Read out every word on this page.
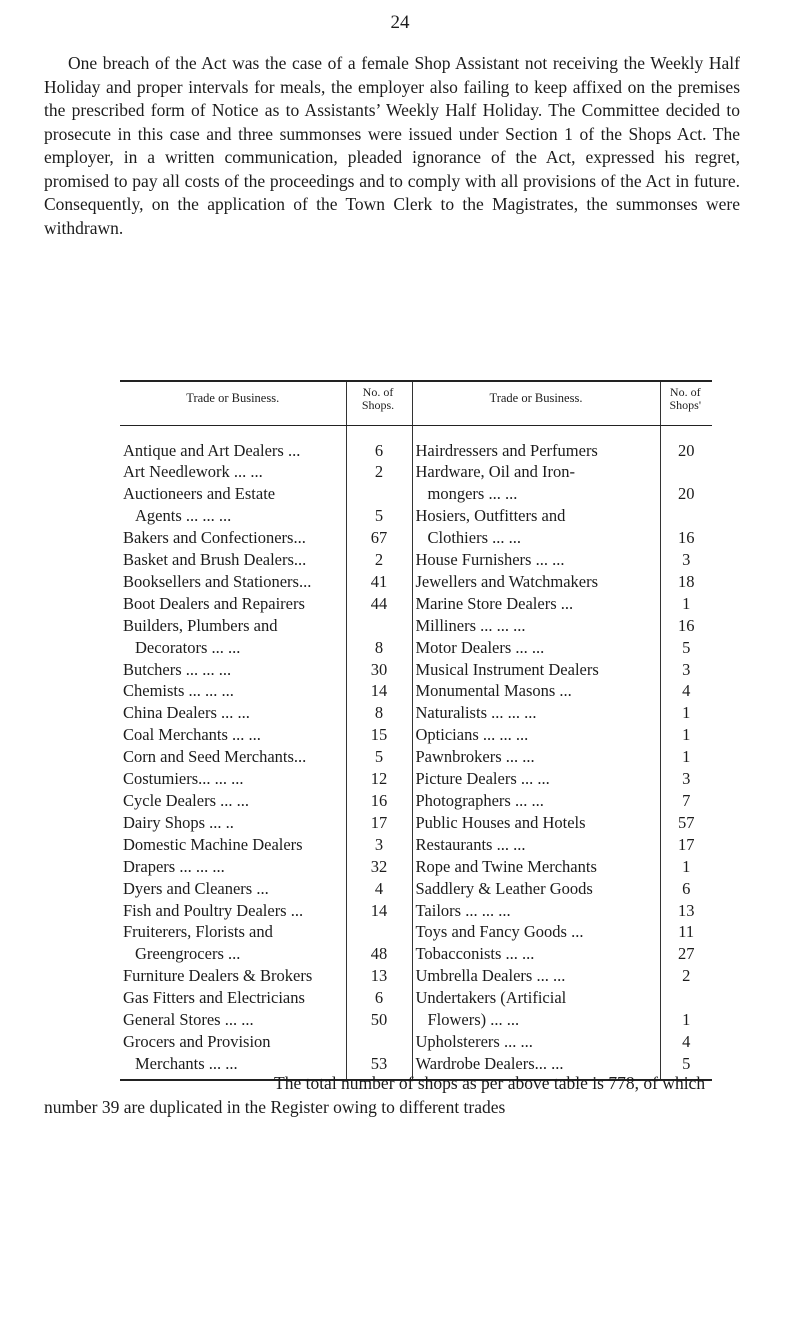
24

One breach of the Act was the case of a female Shop Assistant not receiving the Weekly Half Holiday and proper intervals for meals, the employer also failing to keep affixed on the premises the prescribed form of Notice as to Assistants’ Weekly Half Holiday. The Committee decided to prosecute in this case and three summonses were issued under Section 1 of the Shops Act. The employer, in a written communication, pleaded ignorance of the Act, expressed his regret, promised to pay all costs of the proceedings and to comply with all provisions of the Act in future. Consequently, on the application of the Town Clerk to the Magistrates, the summonses were withdrawn.

Trade or Business.	No. of Shops.	Trade or Business.	No. of Shops'

Antique and Art Dealers ...	6	Hairdressers and Perfumers	20
Art Needlework ... ...	2	Hardware, Oil and Iron-	
Auctioneers and Estate		mongers ... ...	20
Agents ... ... ...	5	Hosiers, Outfitters and	
Bakers and Confectioners...	67	Clothiers ... ...	16
Basket and Brush Dealers...	2	House Furnishers ... ...	3
Booksellers and Stationers...	41	Jewellers and Watchmakers	18
Boot Dealers and Repairers	44	Marine Store Dealers ...	1
Builders, Plumbers and		Milliners ... ... ...	16
Decorators ... ...	8	Motor Dealers ... ...	5
Butchers ... ... ...	30	Musical Instrument Dealers	3
Chemists ... ... ...	14	Monumental Masons ...	4
China Dealers ... ...	8	Naturalists ... ... ...	1
Coal Merchants ... ...	15	Opticians ... ... ...	1
Corn and Seed Merchants...	5	Pawnbrokers ... ...	1
Costumiers... ... ...	12	Picture Dealers ... ...	3
Cycle Dealers ... ...	16	Photographers ... ...	7
Dairy Shops ... ..	17	Public Houses and Hotels	57
Domestic Machine Dealers	3	Restaurants ... ...	17
Drapers ... ... ...	32	Rope and Twine Merchants	1
Dyers and Cleaners ...	4	Saddlery & Leather Goods	6
Fish and Poultry Dealers ...	14	Tailors ... ... ...	13
Fruiterers, Florists and		Toys and Fancy Goods ...	11
Greengrocers ...	48	Tobacconists ... ...	27
Furniture Dealers & Brokers	13	Umbrella Dealers ... ...	2
Gas Fitters and Electricians	6	Undertakers (Artificial	
General Stores ... ...	50	Flowers) ... ...	1
Grocers and Provision		Upholsterers ... ...	4
Merchants ... ...	53	Wardrobe Dealers... ...	5

The total number of shops as per above table is 778, of which number 39 are duplicated in the Register owing to different trades
